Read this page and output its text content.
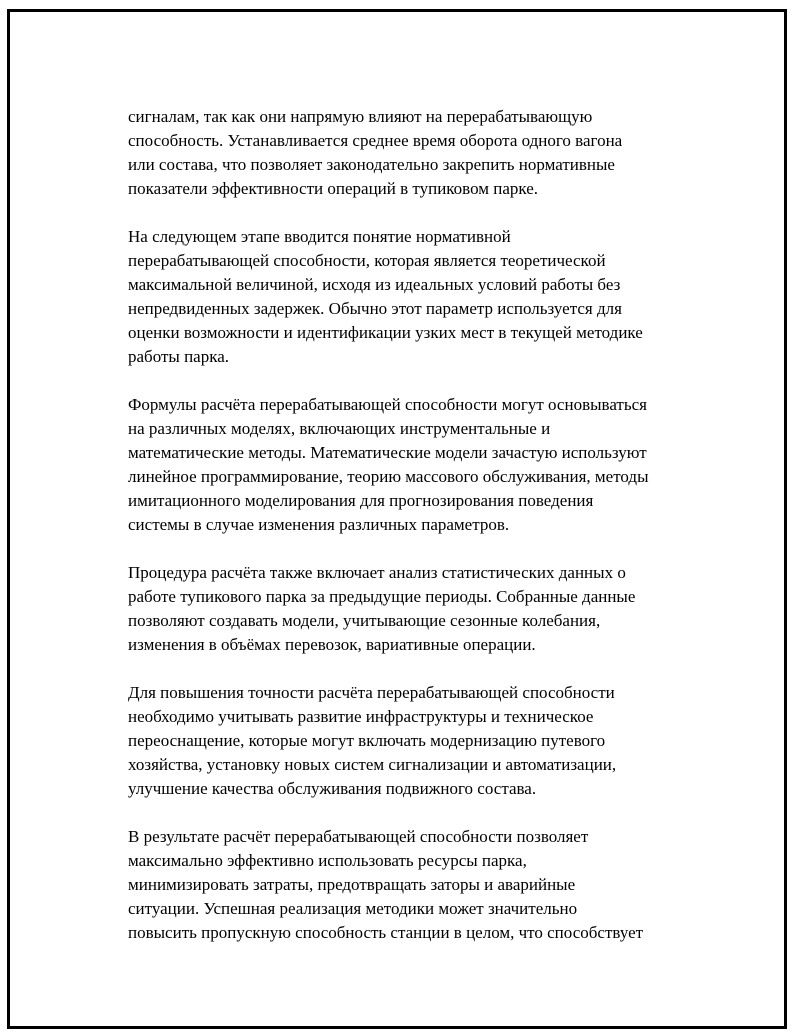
сигналам, так как они напрямую влияют на перерабатывающую
способность. Устанавливается среднее время оборота одного вагона
или состава, что позволяет законодательно закрепить нормативные
показатели эффективности операций в тупиковом парке.

На следующем этапе вводится понятие нормативной
перерабатывающей способности, которая является теоретической
максимальной величиной, исходя из идеальных условий работы без
непредвиденных задержек. Обычно этот параметр используется для
оценки возможности и идентификации узких мест в текущей методике
работы парка.

Формулы расчёта перерабатывающей способности могут основываться
на различных моделях, включающих инструментальные и
математические методы. Математические модели зачастую используют
линейное программирование, теорию массового обслуживания, методы
имитационного моделирования для прогнозирования поведения
системы в случае изменения различных параметров.

Процедура расчёта также включает анализ статистических данных о
работе тупикового парка за предыдущие периоды. Собранные данные
позволяют создавать модели, учитывающие сезонные колебания,
изменения в объёмах перевозок, вариативные операции.

Для повышения точности расчёта перерабатывающей способности
необходимо учитывать развитие инфраструктуры и техническое
переоснащение, которые могут включать модернизацию путевого
хозяйства, установку новых систем сигнализации и автоматизации,
улучшение качества обслуживания подвижного состава.

В результате расчёт перерабатывающей способности позволяет
максимально эффективно использовать ресурсы парка,
минимизировать затраты, предотвращать заторы и аварийные
ситуации. Успешная реализация методики может значительно
повысить пропускную способность станции в целом, что способствует
